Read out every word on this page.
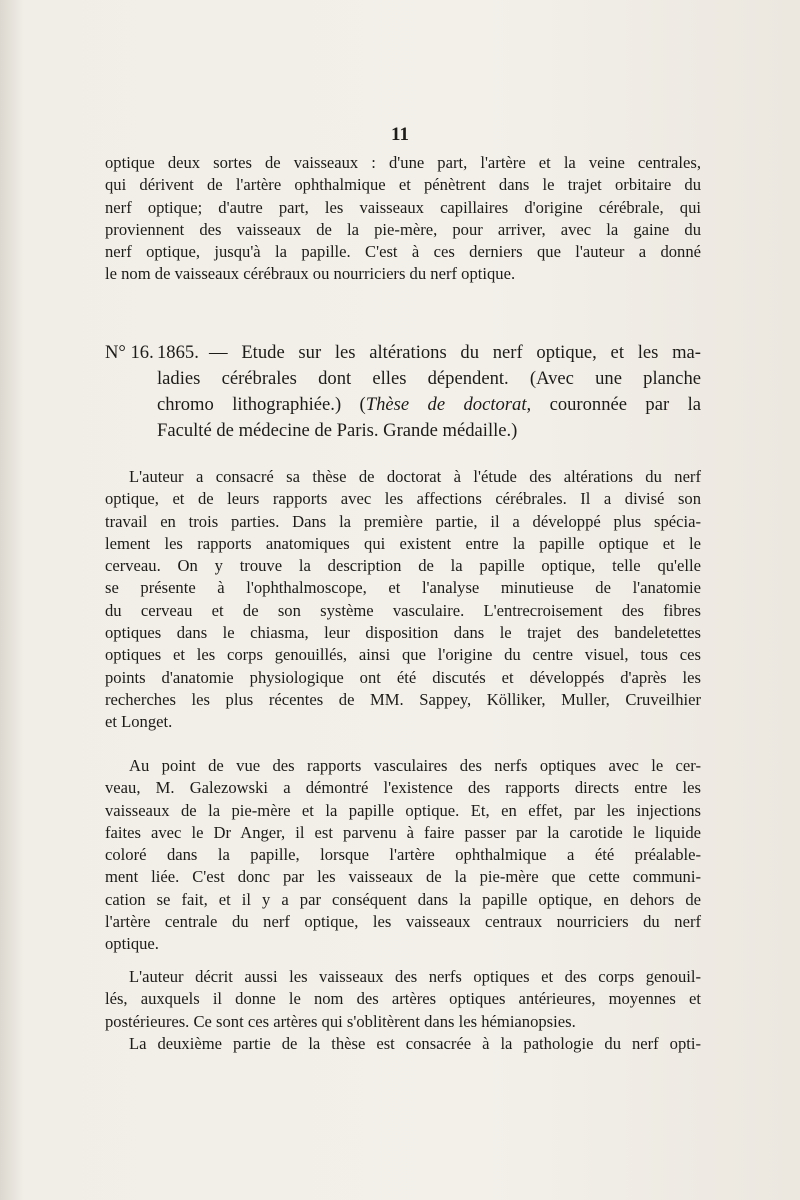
11
optique deux sortes de vaisseaux : d'une part, l'artère et la veine centrales,
qui dérivent de l'artère ophthalmique et pénètrent dans le trajet orbitaire du
nerf optique; d'autre part, les vaisseaux capillaires d'origine cérébrale, qui
proviennent des vaisseaux de la pie-mère, pour arriver, avec la gaine du
nerf optique, jusqu'à la papille. C'est à ces derniers que l'auteur a donné
le nom de vaisseaux cérébraux ou nourriciers du nerf optique.
N° 16. 1865. — Etude sur les altérations du nerf optique, et les ma-
ladies cérébrales dont elles dépendent. (Avec une planche
chromo lithographiée.) (Thèse de doctorat, couronnée par la
Faculté de médecine de Paris. Grande médaille.)
L'auteur a consacré sa thèse de doctorat à l'étude des altérations du nerf
optique, et de leurs rapports avec les affections cérébrales. Il a divisé son
travail en trois parties. Dans la première partie, il a développé plus spécia-
lement les rapports anatomiques qui existent entre la papille optique et le
cerveau. On y trouve la description de la papille optique, telle qu'elle
se présente à l'ophthalmoscope, et l'analyse minutieuse de l'anatomie
du cerveau et de son système vasculaire. L'entrecroisement des fibres
optiques dans le chiasma, leur disposition dans le trajet des bandeletettes
optiques et les corps genouillés, ainsi que l'origine du centre visuel, tous ces
points d'anatomie physiologique ont été discutés et développés d'après les
recherches les plus récentes de MM. Sappey, Kölliker, Muller, Cruveilhier
et Longet.
Au point de vue des rapports vasculaires des nerfs optiques avec le cer-
veau, M. Galezowski a démontré l'existence des rapports directs entre les
vaisseaux de la pie-mère et la papille optique. Et, en effet, par les injections
faites avec le Dr Anger, il est parvenu à faire passer par la carotide le liquide
coloré dans la papille, lorsque l'artère ophthalmique a été préalable-
ment liée. C'est donc par les vaisseaux de la pie-mère que cette communi-
cation se fait, et il y a par conséquent dans la papille optique, en dehors de
l'artère centrale du nerf optique, les vaisseaux centraux nourriciers du nerf
optique.
L'auteur décrit aussi les vaisseaux des nerfs optiques et des corps genouil-
lés, auxquels il donne le nom des artères optiques antérieures, moyennes et
postérieures. Ce sont ces artères qui s'oblitèrent dans les hémianopsies.
La deuxième partie de la thèse est consacrée à la pathologie du nerf opti-
